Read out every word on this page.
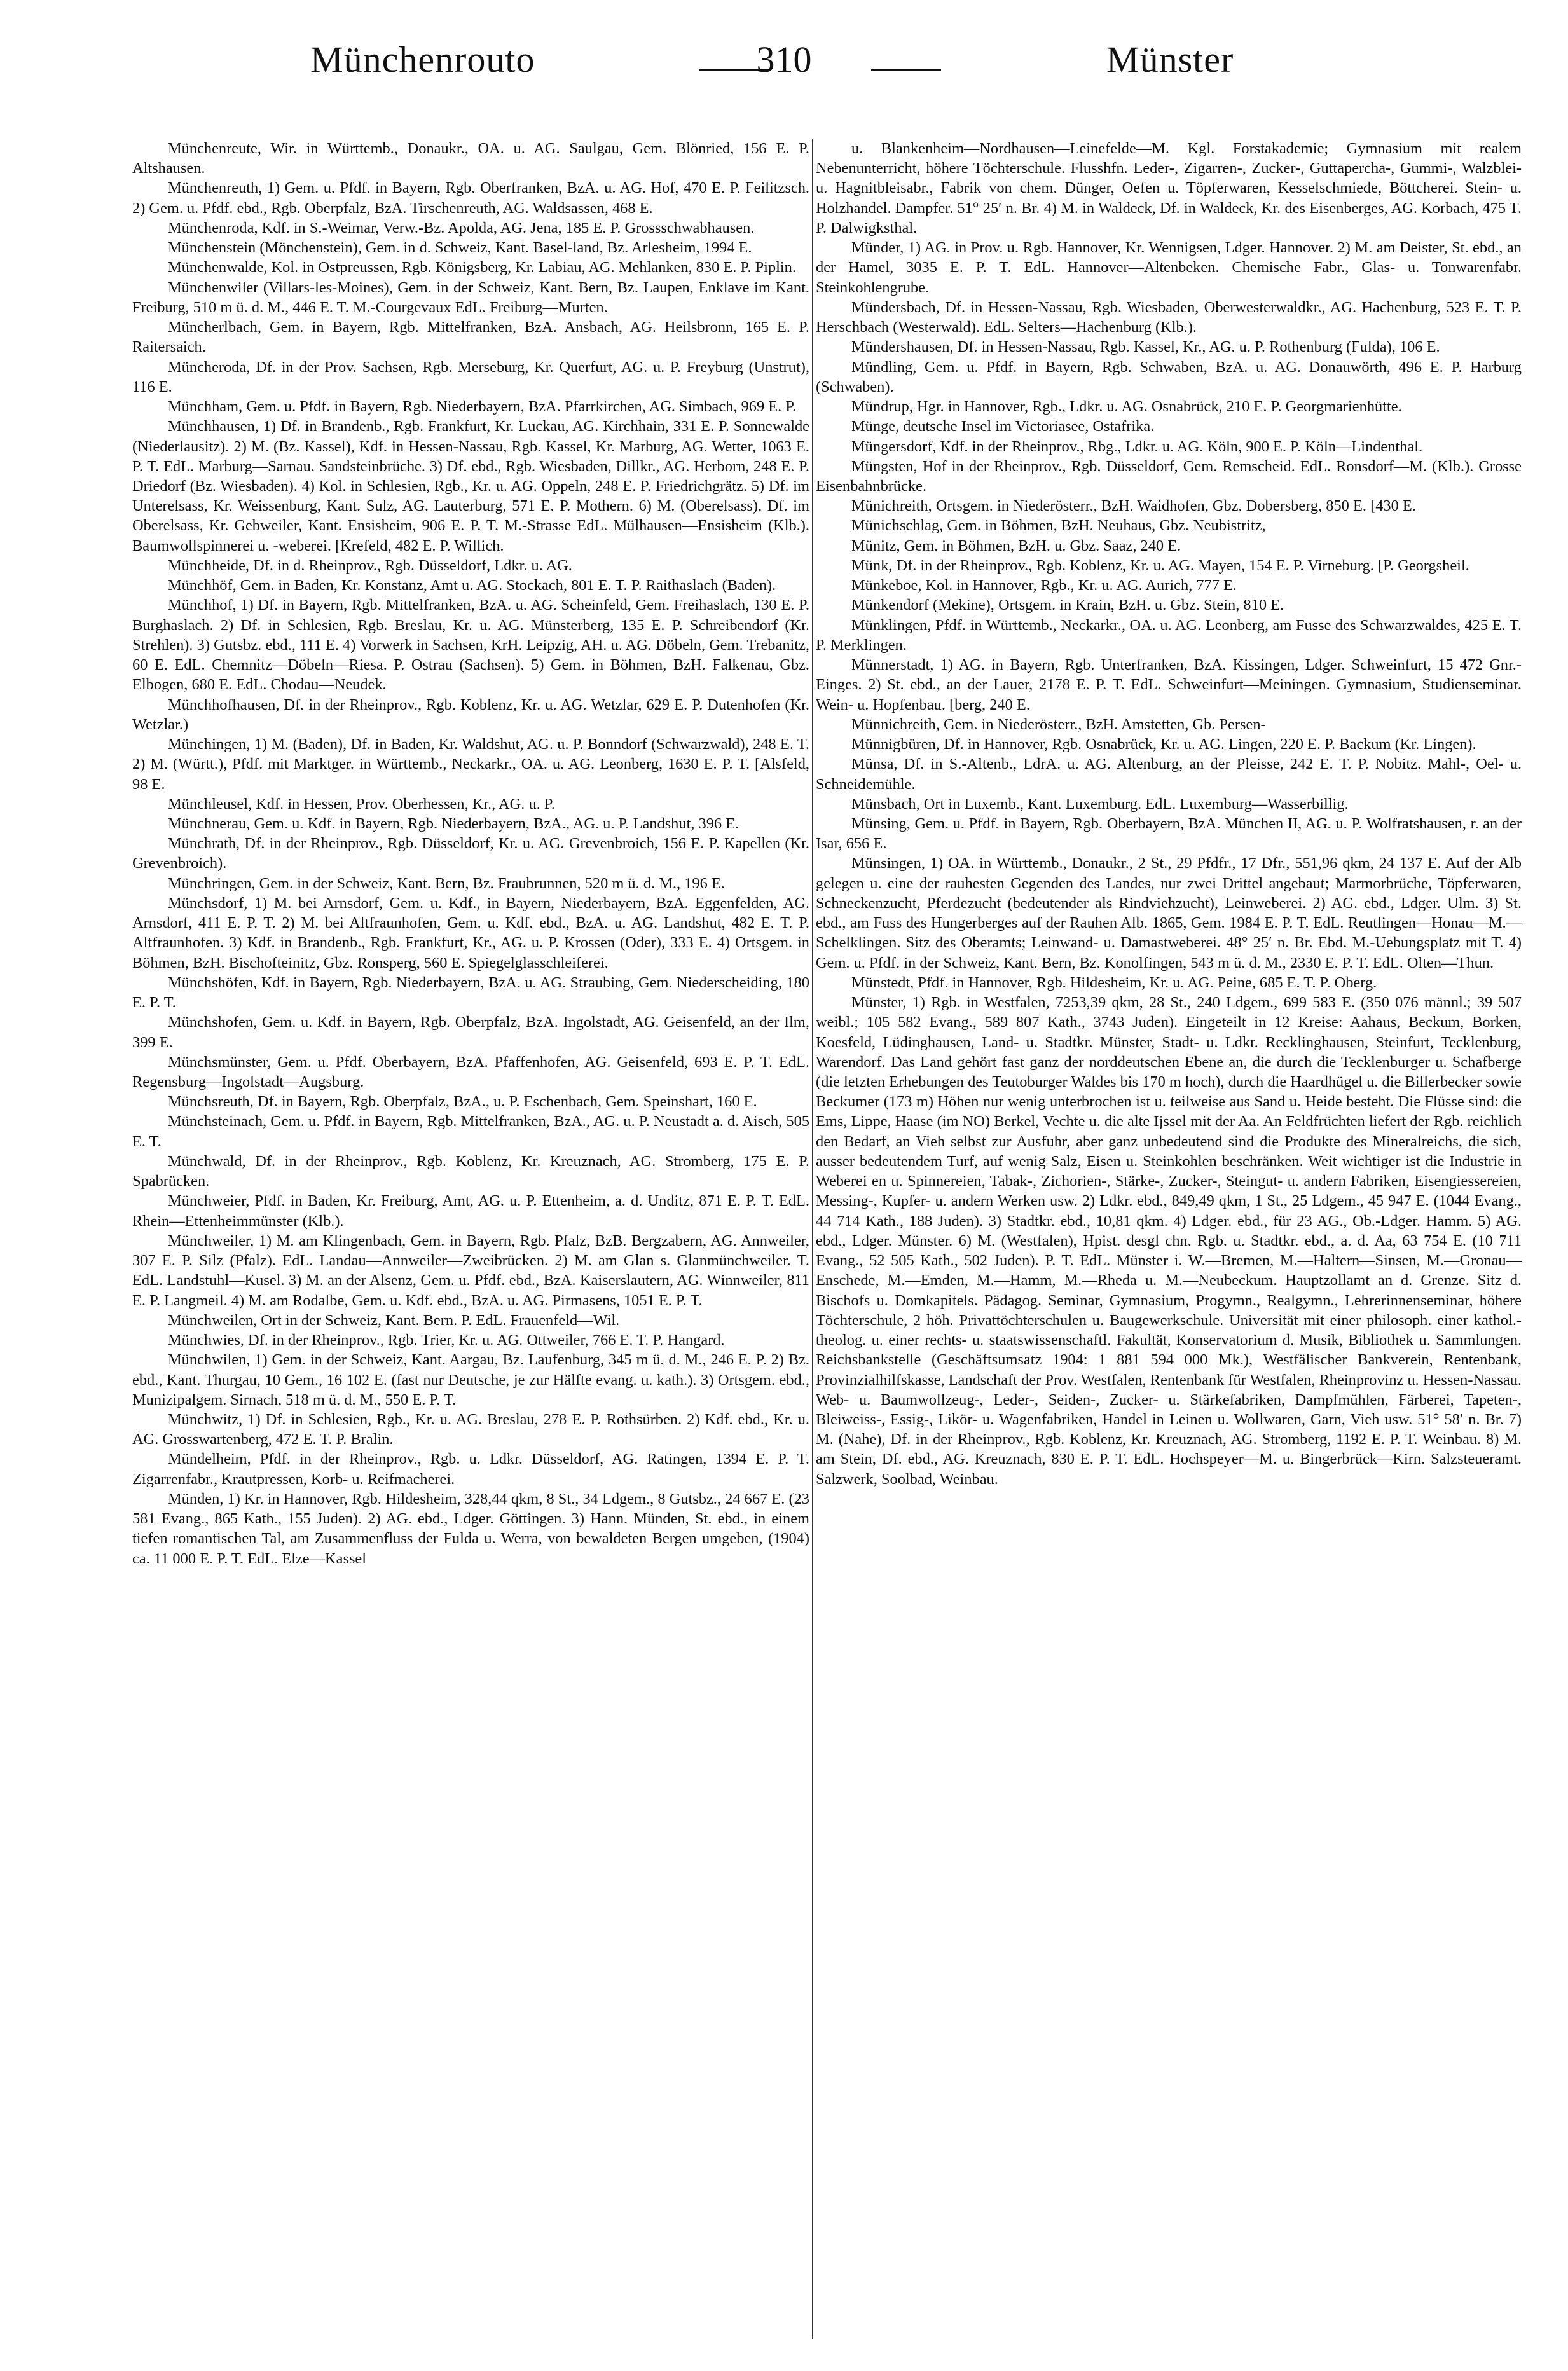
Münchenrouto	310	Münster

Münchenreute, Wir. in Württemb., Donaukr., OA. u. AG. Saulgau, Gem. Blönried, 156 E. P. Altshausen.

Münchenreuth, 1) Gem. u. Pfdf. in Bayern, Rgb. Oberfranken, BzA. u. AG. Hof, 470 E. P. Feilitzsch. 2) Gem. u. Pfdf. ebd., Rgb. Oberpfalz, BzA. Tirschenreuth, AG. Waldsassen, 468 E.

Münchenroda, Kdf. in S.-Weimar, Verw.-Bz. Apolda, AG. Jena, 185 E. P. Grossschwabhausen.

Münchenstein (Mönchenstein), Gem. in d. Schweiz, Kant. Basel-land, Bz. Arlesheim, 1994 E.

Münchenwalde, Kol. in Ostpreussen, Rgb. Königsberg, Kr. Labiau, AG. Mehlanken, 830 E. P. Piplin.

Münchenwiler (Villars-les-Moines), Gem. in der Schweiz, Kant. Bern, Bz. Laupen, Enklave im Kant. Freiburg, 510 m ü. d. M., 446 E. T. M.-Courgevaux EdL. Freiburg—Murten.

Müncherlbach, Gem. in Bayern, Rgb. Mittelfranken, BzA. Ansbach, AG. Heilsbronn, 165 E. P. Raitersaich.

Müncheroda, Df. in der Prov. Sachsen, Rgb. Merseburg, Kr. Querfurt, AG. u. P. Freyburg (Unstrut), 116 E.

Münchham, Gem. u. Pfdf. in Bayern, Rgb. Niederbayern, BzA. Pfarrkirchen, AG. Simbach, 969 E. P.

Münchhausen, 1) Df. in Brandenb., Rgb. Frankfurt, Kr. Luckau, AG. Kirchhain, 331 E. P. Sonnewalde (Niederlausitz). 2) M. (Bz. Kassel), Kdf. in Hessen-Nassau, Rgb. Kassel, Kr. Marburg, AG. Wetter, 1063 E. P. T. EdL. Marburg—Sarnau. Sandsteinbrüche. 3) Df. ebd., Rgb. Wiesbaden, Dillkr., AG. Herborn, 248 E. P. Driedorf (Bz. Wiesbaden). 4) Kol. in Schlesien, Rgb., Kr. u. AG. Oppeln, 248 E. P. Friedrichgrätz. 5) Df. im Unterelsass, Kr. Weissenburg, Kant. Sulz, AG. Lauterburg, 571 E. P. Mothern. 6) M. (Oberelsass), Df. im Oberelsass, Kr. Gebweiler, Kant. Ensisheim, 906 E. P. T. M.-Strasse EdL. Mülhausen—Ensisheim (Klb.). Baumwollspinnerei u. -weberei. [Krefeld, 482 E. P. Willich.

Münchheide, Df. in d. Rheinprov., Rgb. Düsseldorf, Ldkr. u. AG.

Münchhöf, Gem. in Baden, Kr. Konstanz, Amt u. AG. Stockach, 801 E. T. P. Raithaslach (Baden).

Münchhof, 1) Df. in Bayern, Rgb. Mittelfranken, BzA. u. AG. Scheinfeld, Gem. Freihaslach, 130 E. P. Burghaslach. 2) Df. in Schlesien, Rgb. Breslau, Kr. u. AG. Münsterberg, 135 E. P. Schreibendorf (Kr. Strehlen). 3) Gutsbz. ebd., 111 E. 4) Vorwerk in Sachsen, KrH. Leipzig, AH. u. AG. Döbeln, Gem. Trebanitz, 60 E. EdL. Chemnitz—Döbeln—Riesa. P. Ostrau (Sachsen). 5) Gem. in Böhmen, BzH. Falkenau, Gbz. Elbogen, 680 E. EdL. Chodau—Neudek.

Münchhofhausen, Df. in der Rheinprov., Rgb. Koblenz, Kr. u. AG. Wetzlar, 629 E. P. Dutenhofen (Kr. Wetzlar.)

Münchingen, 1) M. (Baden), Df. in Baden, Kr. Waldshut, AG. u. P. Bonndorf (Schwarzwald), 248 E. T. 2) M. (Württ.), Pfdf. mit Marktger. in Württemb., Neckarkr., OA. u. AG. Leonberg, 1630 E. P. T. [Alsfeld, 98 E.

Münchleusel, Kdf. in Hessen, Prov. Oberhessen, Kr., AG. u. P.

Münchnerau, Gem. u. Kdf. in Bayern, Rgb. Niederbayern, BzA., AG. u. P. Landshut, 396 E.

Münchrath, Df. in der Rheinprov., Rgb. Düsseldorf, Kr. u. AG. Grevenbroich, 156 E. P. Kapellen (Kr. Grevenbroich).

Münchringen, Gem. in der Schweiz, Kant. Bern, Bz. Fraubrunnen, 520 m ü. d. M., 196 E.

Münchsdorf, 1) M. bei Arnsdorf, Gem. u. Kdf., in Bayern, Niederbayern, BzA. Eggenfelden, AG. Arnsdorf, 411 E. P. T. 2) M. bei Altfraunhofen, Gem. u. Kdf. ebd., BzA. u. AG. Landshut, 482 E. T. P. Altfraunhofen. 3) Kdf. in Brandenb., Rgb. Frankfurt, Kr., AG. u. P. Krossen (Oder), 333 E. 4) Ortsgem. in Böhmen, BzH. Bischofteinitz, Gbz. Ronsperg, 560 E. Spiegelglasschleiferei.

Münchshöfen, Kdf. in Bayern, Rgb. Niederbayern, BzA. u. AG. Straubing, Gem. Niederscheiding, 180 E. P. T.

Münchshofen, Gem. u. Kdf. in Bayern, Rgb. Oberpfalz, BzA. Ingolstadt, AG. Geisenfeld, an der Ilm, 399 E.

Münchsmünster, Gem. u. Pfdf. Oberbayern, BzA. Pfaffenhofen, AG. Geisenfeld, 693 E. P. T. EdL. Regensburg—Ingolstadt—Augsburg.

Münchsreuth, Df. in Bayern, Rgb. Oberpfalz, BzA., u. P. Eschenbach, Gem. Speinshart, 160 E.

Münchsteinach, Gem. u. Pfdf. in Bayern, Rgb. Mittelfranken, BzA., AG. u. P. Neustadt a. d. Aisch, 505 E. T.

Münchwald, Df. in der Rheinprov., Rgb. Koblenz, Kr. Kreuznach, AG. Stromberg, 175 E. P. Spabrücken.

Münchweier, Pfdf. in Baden, Kr. Freiburg, Amt, AG. u. P. Ettenheim, a. d. Unditz, 871 E. P. T. EdL. Rhein—Ettenheimmünster (Klb.).

Münchweiler, 1) M. am Klingenbach, Gem. in Bayern, Rgb. Pfalz, BzB. Bergzabern, AG. Annweiler, 307 E. P. Silz (Pfalz). EdL. Landau—Annweiler—Zweibrücken. 2) M. am Glan s. Glanmünchweiler. T. EdL. Landstuhl—Kusel. 3) M. an der Alsenz, Gem. u. Pfdf. ebd., BzA. Kaiserslautern, AG. Winnweiler, 811 E. P. Langmeil. 4) M. am Rodalbe, Gem. u. Kdf. ebd., BzA. u. AG. Pirmasens, 1051 E. P. T.

Münchweilen, Ort in der Schweiz, Kant. Bern. P. EdL. Frauenfeld—Wil.

Münchwies, Df. in der Rheinprov., Rgb. Trier, Kr. u. AG. Ottweiler, 766 E. T. P. Hangard.

Münchwilen, 1) Gem. in der Schweiz, Kant. Aargau, Bz. Laufenburg, 345 m ü. d. M., 246 E. P. 2) Bz. ebd., Kant. Thurgau, 10 Gem., 16 102 E. (fast nur Deutsche, je zur Hälfte evang. u. kath.). 3) Ortsgem. ebd., Munizipalgem. Sirnach, 518 m ü. d. M., 550 E. P. T.

Münchwitz, 1) Df. in Schlesien, Rgb., Kr. u. AG. Breslau, 278 E. P. Rothsürben. 2) Kdf. ebd., Kr. u. AG. Grosswartenberg, 472 E. T. P. Bralin.

Mündelheim, Pfdf. in der Rheinprov., Rgb. u. Ldkr. Düsseldorf, AG. Ratingen, 1394 E. P. T. Zigarrenfabr., Krautpressen, Korb- u. Reifmacherei.

Münden, 1) Kr. in Hannover, Rgb. Hildesheim, 328,44 qkm, 8 St., 34 Ldgem., 8 Gutsbz., 24 667 E. (23 581 Evang., 865 Kath., 155 Juden). 2) AG. ebd., Ldger. Göttingen. 3) Hann. Münden, St. ebd., in einem tiefen romantischen Tal, am Zusammenfluss der Fulda u. Werra, von bewaldeten Bergen umgeben, (1904) ca. 11 000 E. P. T. EdL. Elze—Kassel

u. Blankenheim—Nordhausen—Leinefelde—M. Kgl. Forstakademie; Gymnasium mit realem Nebenunterricht, höhere Töchterschule. Flusshfn. Leder-, Zigarren-, Zucker-, Guttapercha-, Gummi-, Walzblei- u. Hagnitbleisabr., Fabrik von chem. Dünger, Oefen u. Töpferwaren, Kesselschmiede, Böttcherei. Stein- u. Holzhandel. Dampfer. 51° 25′ n. Br. 4) M. in Waldeck, Df. in Waldeck, Kr. des Eisenberges, AG. Korbach, 475 T. P. Dalwigksthal.

Münder, 1) AG. in Prov. u. Rgb. Hannover, Kr. Wennigsen, Ldger. Hannover. 2) M. am Deister, St. ebd., an der Hamel, 3035 E. P. T. EdL. Hannover—Altenbeken. Chemische Fabr., Glas- u. Tonwarenfabr. Steinkohlengrube.

Mündersbach, Df. in Hessen-Nassau, Rgb. Wiesbaden, Oberwesterwaldkr., AG. Hachenburg, 523 E. T. P. Herschbach (Westerwald). EdL. Selters—Hachenburg (Klb.).

Mündershausen, Df. in Hessen-Nassau, Rgb. Kassel, Kr., AG. u. P. Rothenburg (Fulda), 106 E.

Mündling, Gem. u. Pfdf. in Bayern, Rgb. Schwaben, BzA. u. AG. Donauwörth, 496 E. P. Harburg (Schwaben).

Mündrup, Hgr. in Hannover, Rgb., Ldkr. u. AG. Osnabrück, 210 E. P. Georgmarienhütte.

Münge, deutsche Insel im Victoriasee, Ostafrika.

Müngersdorf, Kdf. in der Rheinprov., Rbg., Ldkr. u. AG. Köln, 900 E. P. Köln—Lindenthal.

Müngsten, Hof in der Rheinprov., Rgb. Düsseldorf, Gem. Remscheid. EdL. Ronsdorf—M. (Klb.). Grosse Eisenbahnbrücke.

Münichreith, Ortsgem. in Niederösterr., BzH. Waidhofen, Gbz. Dobersberg, 850 E. [430 E.

Münichschlag, Gem. in Böhmen, BzH. Neuhaus, Gbz. Neubistritz,

Münitz, Gem. in Böhmen, BzH. u. Gbz. Saaz, 240 E.

Münk, Df. in der Rheinprov., Rgb. Koblenz, Kr. u. AG. Mayen, 154 E. P. Virneburg. [P. Georgsheil.

Münkeboe, Kol. in Hannover, Rgb., Kr. u. AG. Aurich, 777 E.

Münkendorf (Mekine), Ortsgem. in Krain, BzH. u. Gbz. Stein, 810 E.

Münklingen, Pfdf. in Württemb., Neckarkr., OA. u. AG. Leonberg, am Fusse des Schwarzwaldes, 425 E. T. P. Merklingen.

Münnerstadt, 1) AG. in Bayern, Rgb. Unterfranken, BzA. Kissingen, Ldger. Schweinfurt, 15 472 Gnr.-Einges. 2) St. ebd., an der Lauer, 2178 E. P. T. EdL. Schweinfurt—Meiningen. Gymnasium, Studienseminar. Wein- u. Hopfenbau. [berg, 240 E.

Münnichreith, Gem. in Niederösterr., BzH. Amstetten, Gb. Persen-

Münnigbüren, Df. in Hannover, Rgb. Osnabrück, Kr. u. AG. Lingen, 220 E. P. Backum (Kr. Lingen).

Münsa, Df. in S.-Altenb., LdrA. u. AG. Altenburg, an der Pleisse, 242 E. T. P. Nobitz. Mahl-, Oel- u. Schneidemühle.

Münsbach, Ort in Luxemb., Kant. Luxemburg. EdL. Luxemburg—Wasserbillig.

Münsing, Gem. u. Pfdf. in Bayern, Rgb. Oberbayern, BzA. München II, AG. u. P. Wolfratshausen, r. an der Isar, 656 E.

Münsingen, 1) OA. in Württemb., Donaukr., 2 St., 29 Pfdfr., 17 Dfr., 551,96 qkm, 24 137 E. Auf der Alb gelegen u. eine der rauhesten Gegenden des Landes, nur zwei Drittel angebaut; Marmorbrüche, Töpferwaren, Schneckenzucht, Pferdezucht (bedeutender als Rindviehzucht), Leinweberei. 2) AG. ebd., Ldger. Ulm. 3) St. ebd., am Fuss des Hungerberges auf der Rauhen Alb. 1865, Gem. 1984 E. P. T. EdL. Reutlingen—Honau—M.—Schelklingen. Sitz des Oberamts; Leinwand- u. Damastweberei. 48° 25′ n. Br. Ebd. M.-Uebungsplatz mit T. 4) Gem. u. Pfdf. in der Schweiz, Kant. Bern, Bz. Konolfingen, 543 m ü. d. M., 2330 E. P. T. EdL. Olten—Thun.

Münstedt, Pfdf. in Hannover, Rgb. Hildesheim, Kr. u. AG. Peine, 685 E. T. P. Oberg.

Münster, 1) Rgb. in Westfalen, 7253,39 qkm, 28 St., 240 Ldgem., 699 583 E. (350 076 männl.; 39 507 weibl.; 105 582 Evang., 589 807 Kath., 3743 Juden). Eingeteilt in 12 Kreise: Aahaus, Beckum, Borken, Koesfeld, Lüdinghausen, Land- u. Stadtkr. Münster, Stadt- u. Ldkr. Recklinghausen, Steinfurt, Tecklenburg, Warendorf. Das Land gehört fast ganz der norddeutschen Ebene an, die durch die Tecklenburger u. Schafberge (die letzten Erhebungen des Teutoburger Waldes bis 170 m hoch), durch die Haardhügel u. die Billerbecker sowie Beckumer (173 m) Höhen nur wenig unterbrochen ist u. teilweise aus Sand u. Heide besteht. Die Flüsse sind: die Ems, Lippe, Haase (im NO) Berkel, Vechte u. die alte Ijssel mit der Aa. An Feldfrüchten liefert der Rgb. reichlich den Bedarf, an Vieh selbst zur Ausfuhr, aber ganz unbedeutend sind die Produkte des Mineralreichs, die sich, ausser bedeutendem Turf, auf wenig Salz, Eisen u. Steinkohlen beschränken. Weit wichtiger ist die Industrie in Weberei en u. Spinnereien, Tabak-, Zichorien-, Stärke-, Zucker-, Steingut- u. andern Fabriken, Eisengiessereien, Messing-, Kupfer- u. andern Werken usw. 2) Ldkr. ebd., 849,49 qkm, 1 St., 25 Ldgem., 45 947 E. (1044 Evang., 44 714 Kath., 188 Juden). 3) Stadtkr. ebd., 10,81 qkm. 4) Ldger. ebd., für 23 AG., Ob.-Ldger. Hamm. 5) AG. ebd., Ldger. Münster. 6) M. (Westfalen), Hpist. desgl chn. Rgb. u. Stadtkr. ebd., a. d. Aa, 63 754 E. (10 711 Evang., 52 505 Kath., 502 Juden). P. T. EdL. Münster i. W.—Bremen, M.—Haltern—Sinsen, M.—Gronau—Enschede, M.—Emden, M.—Hamm, M.—Rheda u. M.—Neubeckum. Hauptzollamt an d. Grenze. Sitz d. Bischofs u. Domkapitels. Pädagog. Seminar, Gymnasium, Progymn., Realgymn., Lehrerinnenseminar, höhere Töchterschule, 2 höh. Privattöchterschulen u. Baugewerkschule. Universität mit einer philosoph. einer kathol.-theolog. u. einer rechts- u. staatswissenschaftl. Fakultät, Konservatorium d. Musik, Bibliothek u. Sammlungen. Reichsbankstelle (Geschäftsumsatz 1904: 1 881 594 000 Mk.), Westfälischer Bankverein, Rentenbank, Provinzialhilfskasse, Landschaft der Prov. Westfalen, Rentenbank für Westfalen, Rheinprovinz u. Hessen-Nassau. Web- u. Baumwollzeug-, Leder-, Seiden-, Zucker- u. Stärkefabriken, Dampfmühlen, Färberei, Tapeten-, Bleiweiss-, Essig-, Likör- u. Wagenfabriken, Handel in Leinen u. Wollwaren, Garn, Vieh usw. 51° 58′ n. Br. 7) M. (Nahe), Df. in der Rheinprov., Rgb. Koblenz, Kr. Kreuznach, AG. Stromberg, 1192 E. P. T. Weinbau. 8) M. am Stein, Df. ebd., AG. Kreuznach, 830 E. P. T. EdL. Hochspeyer—M. u. Bingerbrück—Kirn. Salzsteueramt. Salzwerk, Soolbad, Weinbau.
